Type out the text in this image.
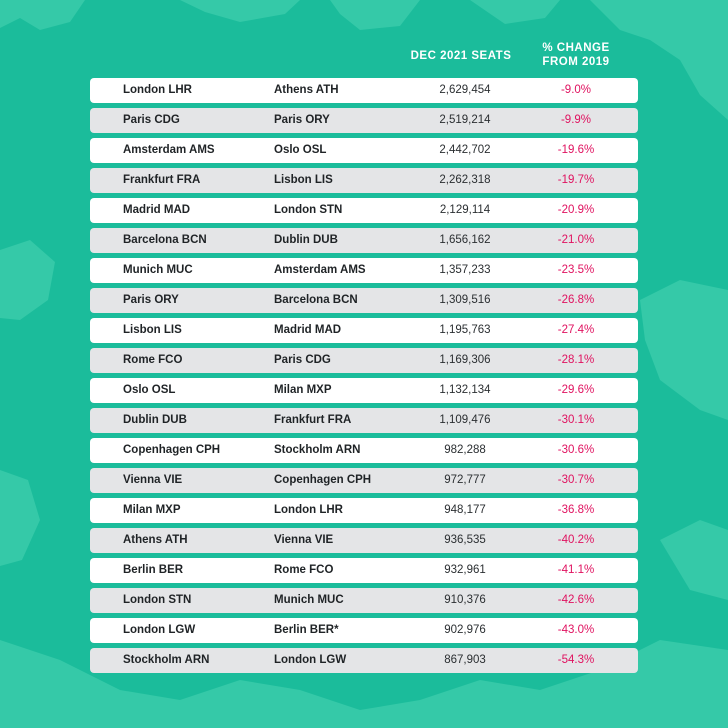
DEC 2021 SEATS
% CHANGE
FROM 2019
London LHR	Athens ATH	2,629,454	-9.0%
Paris CDG	Paris ORY	2,519,214	-9.9%
Amsterdam AMS	Oslo OSL	2,442,702	-19.6%
Frankfurt FRA	Lisbon LIS	2,262,318	-19.7%
Madrid MAD	London STN	2,129,114	-20.9%
Barcelona BCN	Dublin DUB	1,656,162	-21.0%
Munich MUC	Amsterdam AMS	1,357,233	-23.5%
Paris ORY	Barcelona BCN	1,309,516	-26.8%
Lisbon LIS	Madrid MAD	1,195,763	-27.4%
Rome FCO	Paris CDG	1,169,306	-28.1%
Oslo OSL	Milan MXP	1,132,134	-29.6%
Dublin DUB	Frankfurt FRA	1,109,476	-30.1%
Copenhagen CPH	Stockholm ARN	982,288	-30.6%
Vienna VIE	Copenhagen CPH	972,777	-30.7%
Milan MXP	London LHR	948,177	-36.8%
Athens ATH	Vienna VIE	936,535	-40.2%
Berlin BER	Rome FCO	932,961	-41.1%
London STN	Munich MUC	910,376	-42.6%
London LGW	Berlin BER*	902,976	-43.0%
Stockholm ARN	London LGW	867,903	-54.3%
